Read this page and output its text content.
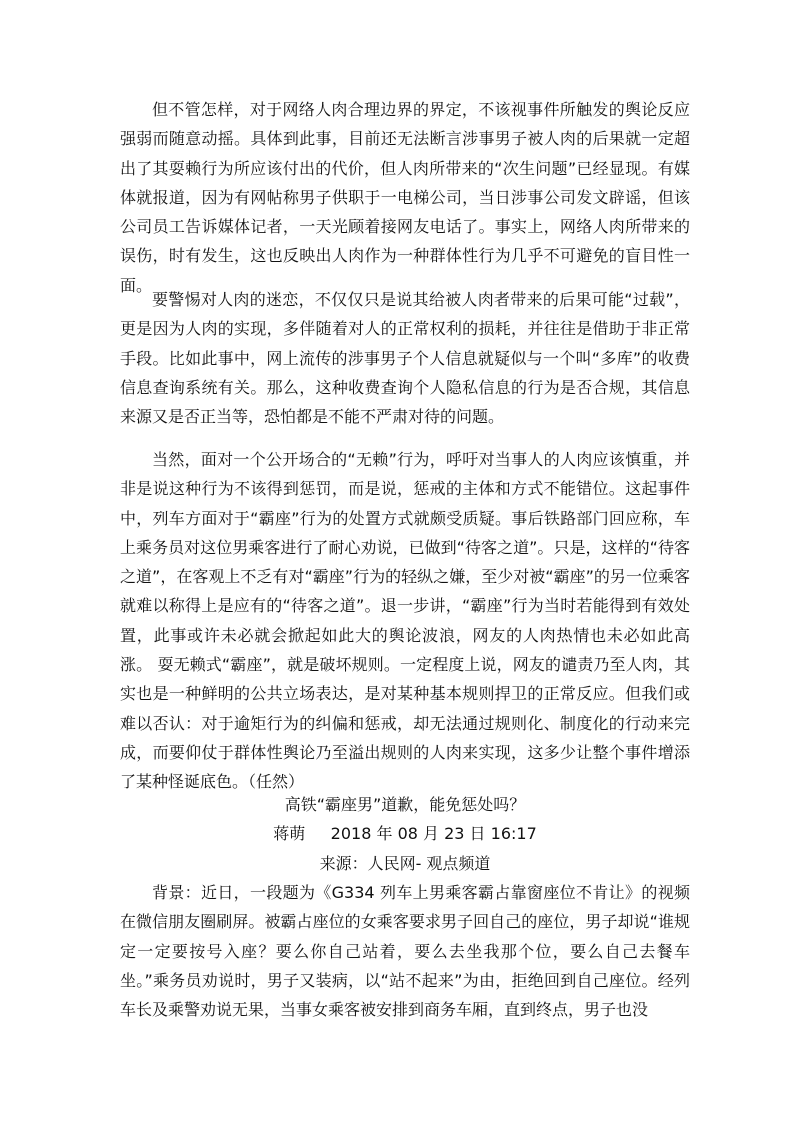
但不管怎样，对于网络人肉合理边界的界定，不该视事件所触发的舆论反应强弱而随意动摇。具体到此事，目前还无法断言涉事男子被人肉的后果就一定超出了其耍赖行为所应该付出的代价，但人肉所带来的“次生问题”已经显现。有媒体就报道，因为有网帖称男子供职于一电梯公司，当日涉事公司发文辟谣，但该公司员工告诉媒体记者，一天光顾着接网友电话了。事实上，网络人肉所带来的误伤，时有发生，这也反映出人肉作为一种群体性行为几乎不可避免的盲目性一面。

要警惕对人肉的迷恋，不仅仅只是说其给被人肉者带来的后果可能“过载”，更是因为人肉的实现，多伴随着对人的正常权利的损耗，并往往是借助于非正常手段。比如此事中，网上流传的涉事男子个人信息就疑似与一个叫“多库”的收费信息查询系统有关。那么，这种收费查询个人隐私信息的行为是否合规，其信息来源又是否正当等，恐怕都是不能不严肃对待的问题。

当然，面对一个公开场合的“无赖”行为，呼吁对当事人的人肉应该慎重，并非是说这种行为不该得到惩罚，而是说，惩戒的主体和方式不能错位。这起事件中，列车方面对于“霸座”行为的处置方式就颇受质疑。事后铁路部门回应称，车上乘务员对这位男乘客进行了耐心劝说，已做到“待客之道”。只是，这样的“待客之道”，在客观上不乏有对“霸座”行为的轻纵之嫌，至少对被“霸座”的另一位乘客就难以称得上是应有的“待客之道”。退一步讲，“霸座”行为当时若能得到有效处置，此事或许未必就会掀起如此大的舆论波浪，网友的人肉热情也未必如此高涨。 耍无赖式“霸座”，就是破坏规则。一定程度上说，网友的谴责乃至人肉，其实也是一种鲜明的公共立场表达，是对某种基本规则捍卫的正常反应。但我们或难以否认：对于逾矩行为的纠偏和惩戒，却无法通过规则化、制度化的行动来完成，而要仰仗于群体性舆论乃至溢出规则的人肉来实现，这多少让整个事件增添了某种怪诞底色。（任然）

高铁“霸座男”道歉，能免惩处吗？
蒋萌     2018 年 08 月 23 日 16:17
来源：人民网- 观点频道

背景：近日，一段题为《G334 列车上男乘客霸占靠窗座位不肯让》的视频在微信朋友圈刷屏。被霸占座位的女乘客要求男子回自己的座位，男子却说“谁规定一定要按号入座？要么你自己站着，要么去坐我那个位，要么自己去餐车坐。”乘务员劝说时，男子又装病，以“站不起来”为由，拒绝回到自己座位。经列车长及乘警劝说无果，当事女乘客被安排到商务车厢，直到终点，男子也没
